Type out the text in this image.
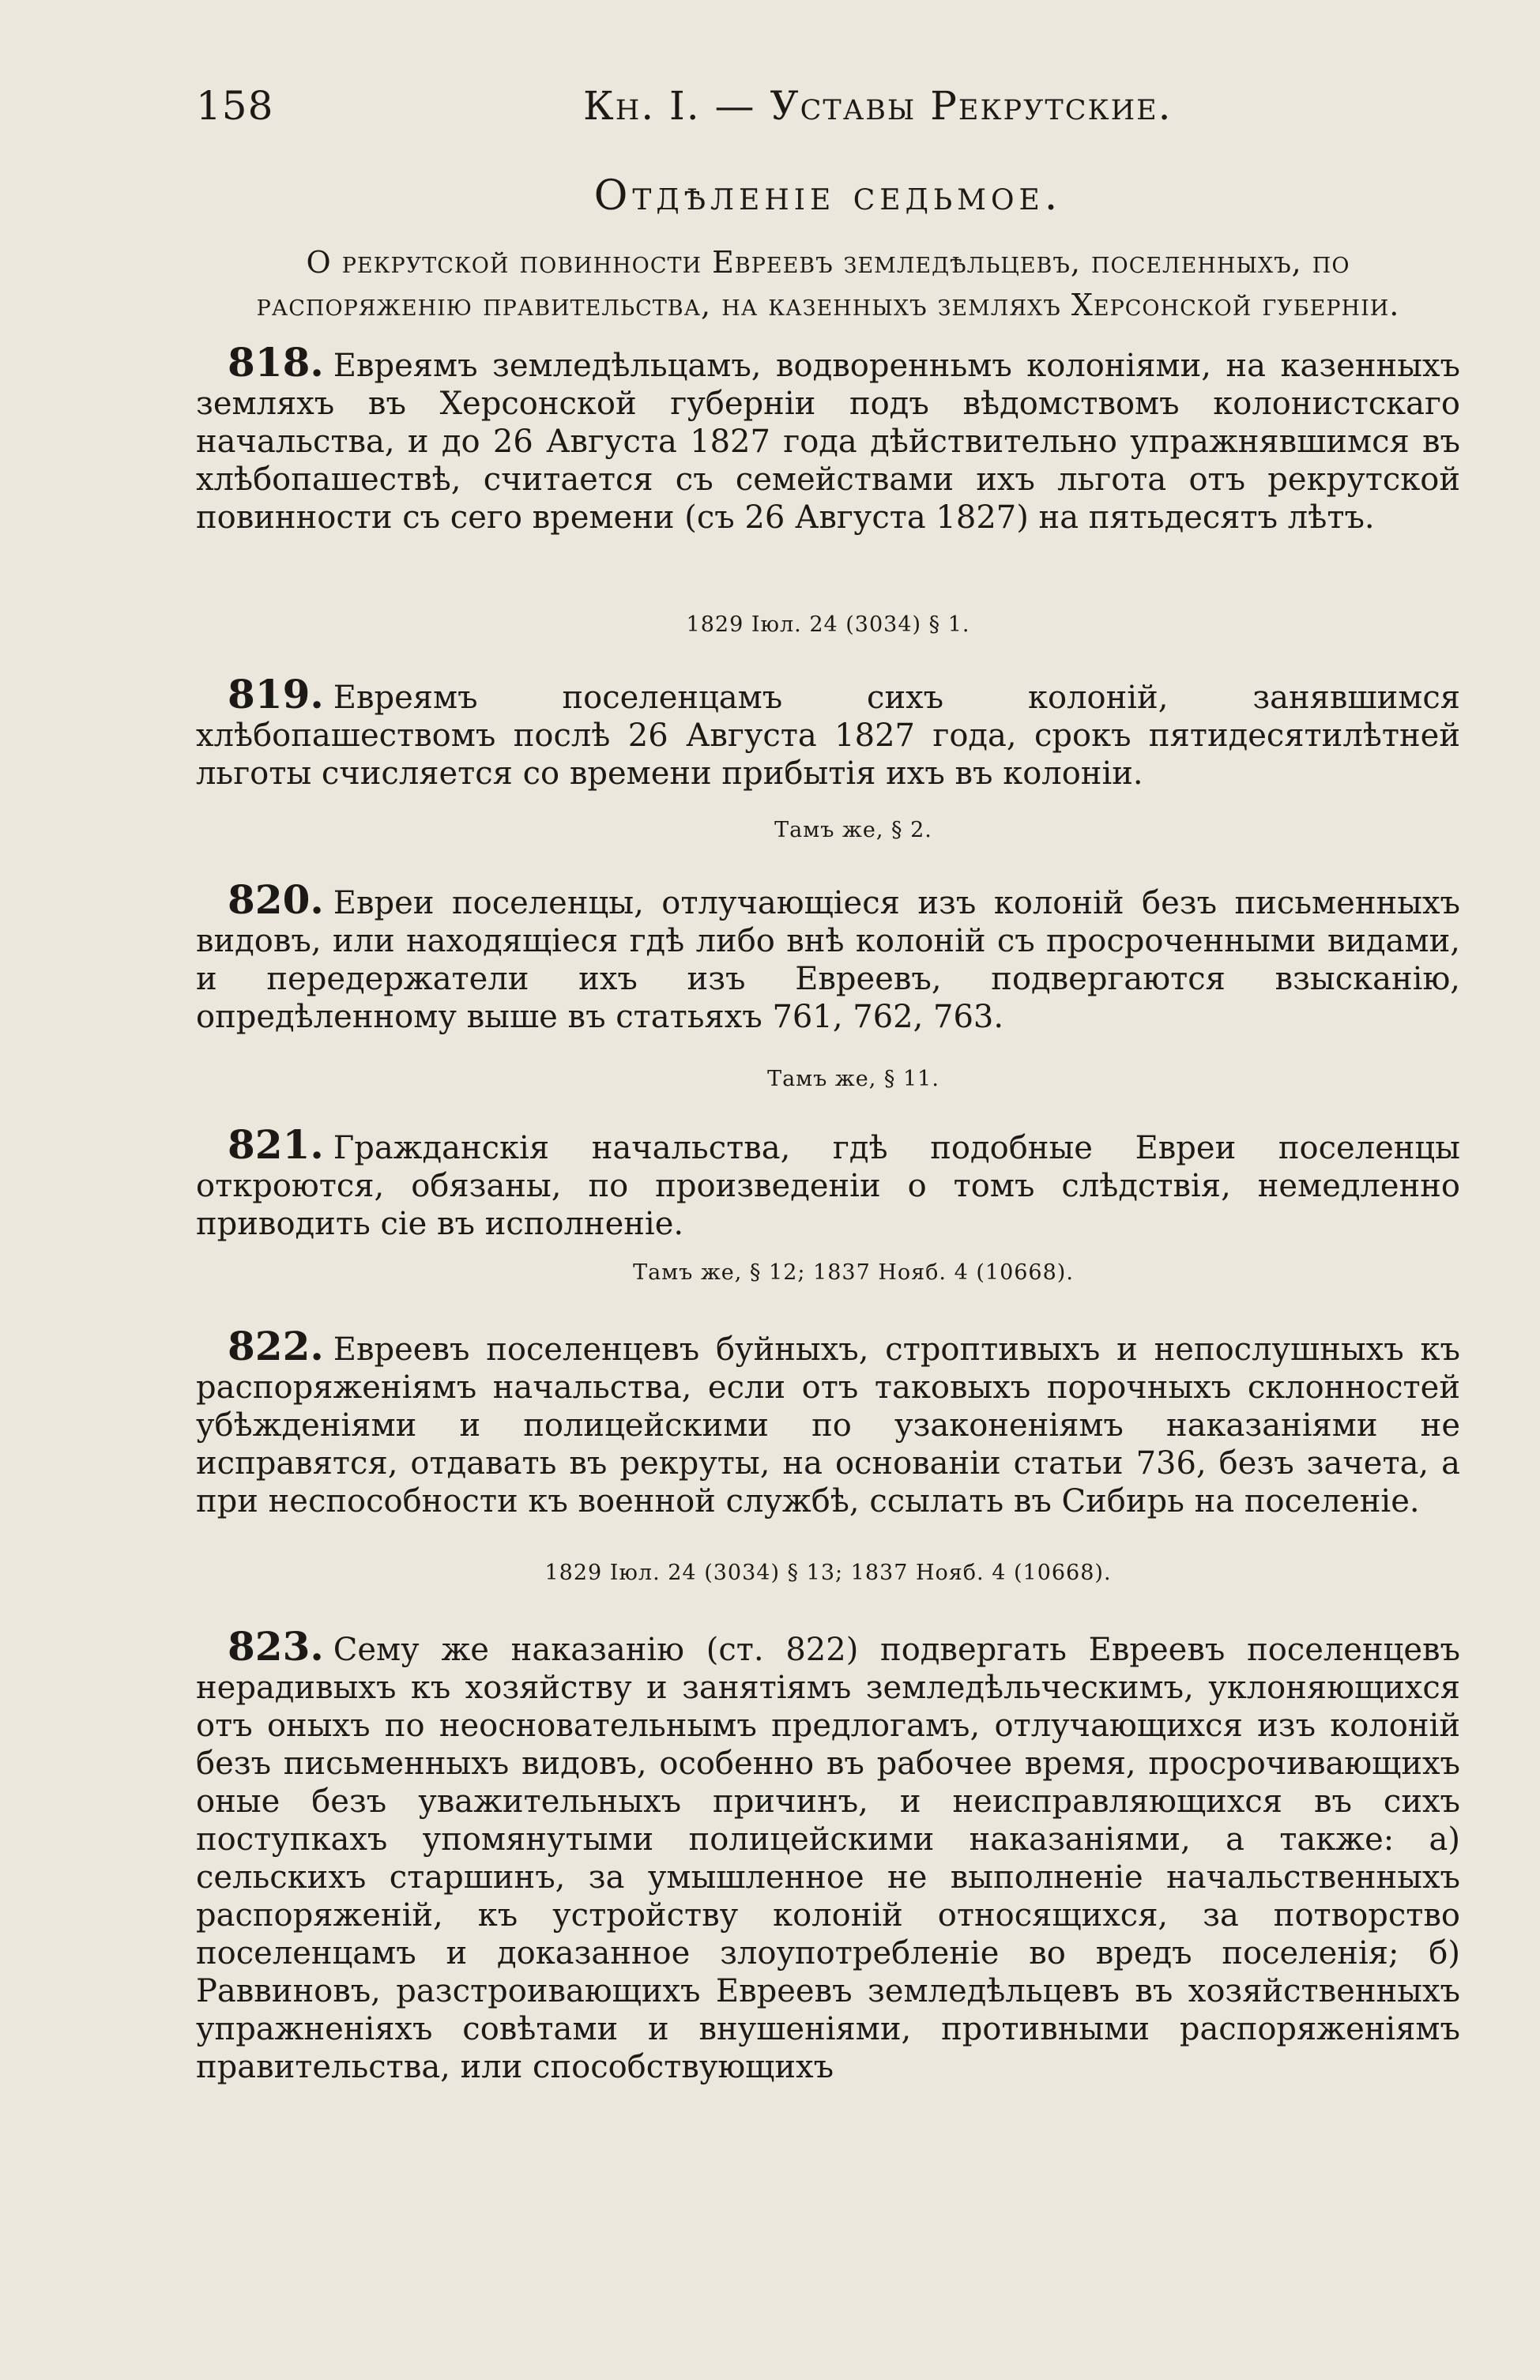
158	Кн. I. — Уставы Рекрутские.
Отдѣленіе седьмое.
О рекрутской повинности Евреевъ земледѣльцевъ, поселенныхъ, по распоряженію правительства, на казенныхъ земляхъ Херсонской губерніи.
818. Евреямъ земледѣльцамъ, водворенньмъ колоніями, на казенныхъ земляхъ въ Херсонской губерніи подъ вѣдомствомъ колонистскаго начальства, и до 26 Августа 1827 года дѣйствительно упражнявшимся въ хлѣбопашествѣ, считается съ семействами ихъ льгота отъ рекрутской повинности съ сего времени (съ 26 Августа 1827) на пятьдесятъ лѣтъ.
1829 Іюл. 24 (3034) § 1.
819. Евреямъ поселенцамъ сихъ колоній, занявшимся хлѣбопашествомъ послѣ 26 Августа 1827 года, срокъ пятидесятилѣтней льготы счисляется со времени прибытія ихъ въ колоніи.
Тамъ же, § 2.
820. Евреи поселенцы, отлучающіеся изъ колоній безъ письменныхъ видовъ, или находящіеся гдѣ либо внѣ колоній съ просроченными видами, и передержатели ихъ изъ Евреевъ, подвергаются взысканію, опредѣленному выше въ статьяхъ 761, 762, 763.
Тамъ же, § 11.
821. Гражданскія начальства, гдѣ подобные Евреи поселенцы откроются, обязаны, по произведеніи о томъ слѣдствія, немедленно приводить сіе въ исполненіе.
Тамъ же, § 12; 1837 Нояб. 4 (10668).
822. Евреевъ поселенцевъ буйныхъ, строптивыхъ и непослушныхъ къ распоряженіямъ начальства, если отъ таковыхъ порочныхъ склонностей убѣжденіями и полицейскими по узаконеніямъ наказаніями не исправятся, отдавать въ рекруты, на основаніи статьи 736, безъ зачета, а при неспособности къ военной службѣ, ссылать въ Сибирь на поселеніе.
1829 Іюл. 24 (3034) § 13; 1837 Нояб. 4 (10668).
823. Сему же наказанію (ст. 822) подвергать Евреевъ поселенцевъ нерадивыхъ къ хозяйству и занятіямъ земледѣльческимъ, уклоняющихся отъ оныхъ по неосновательнымъ предлогамъ, отлучающихся изъ колоній безъ письменныхъ видовъ, особенно въ рабочее время, просрочивающихъ оные безъ уважительныхъ причинъ, и неисправляющихся въ сихъ поступкахъ упомянутыми полицейскими наказаніями, а также: а) сельскихъ старшинъ, за умышленное не выполненіе начальственныхъ распоряженій, къ устройству колоній относящихся, за потворство поселенцамъ и доказанное злоупотребленіе во вредъ поселенія; б) Раввиновъ, разстроивающихъ Евреевъ земледѣльцевъ въ хозяйственныхъ упражненіяхъ совѣтами и внушеніями, противными распоряженіямъ правительства, или способствующихъ
